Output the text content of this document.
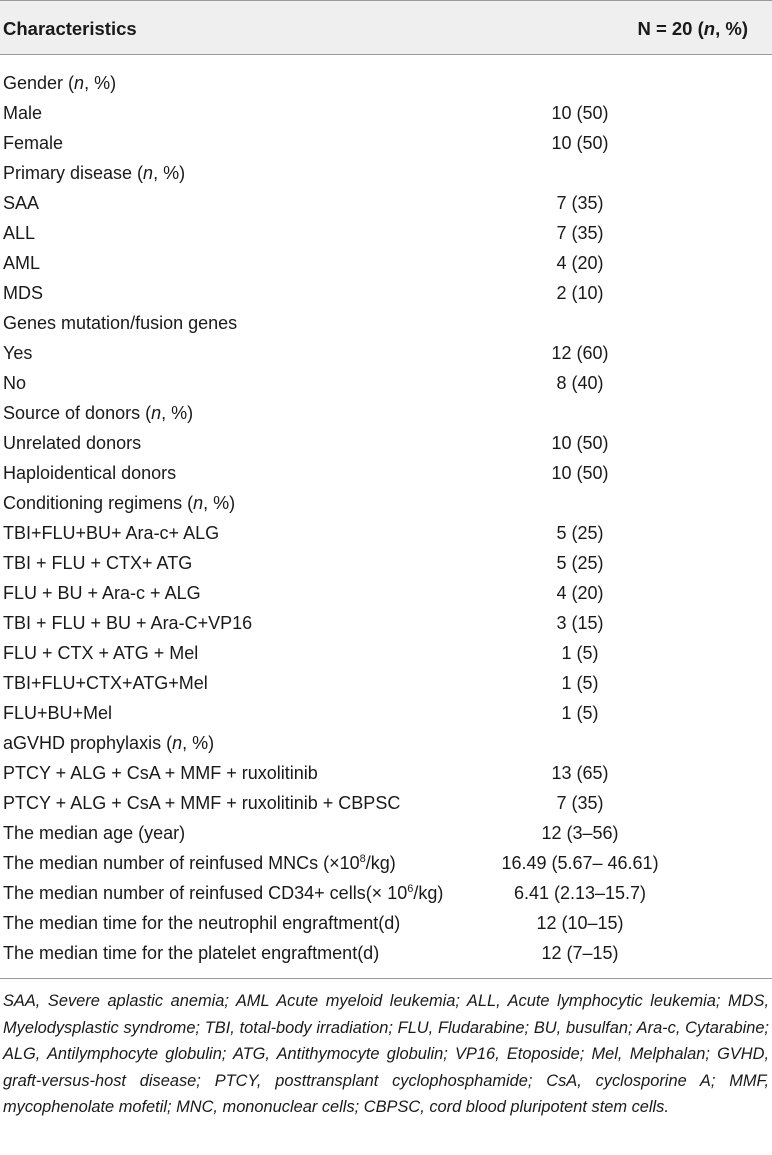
Characteristics	N = 20 (n, %)
Gender (n, %)
Male	10 (50)
Female	10 (50)
Primary disease (n, %)
SAA	7 (35)
ALL	7 (35)
AML	4 (20)
MDS	2 (10)
Genes mutation/fusion genes
Yes	12 (60)
No	8 (40)
Source of donors (n, %)
Unrelated donors	10 (50)
Haploidentical donors	10 (50)
Conditioning regimens (n, %)
TBI+FLU+BU+ Ara-c+ ALG	5 (25)
TBI + FLU + CTX+ ATG	5 (25)
FLU + BU + Ara-c + ALG	4 (20)
TBI + FLU + BU + Ara-C+VP16	3 (15)
FLU + CTX + ATG + Mel	1 (5)
TBI+FLU+CTX+ATG+Mel	1 (5)
FLU+BU+Mel	1 (5)
aGVHD prophylaxis (n, %)
PTCY + ALG + CsA + MMF + ruxolitinib	13 (65)
PTCY + ALG + CsA + MMF + ruxolitinib + CBPSC	7 (35)
The median age (year)	12 (3–56)
The median number of reinfused MNCs $(\times 10^8/kg)$	16.49 (5.67– 46.61)
The median number of reinfused CD34+ cells(× $10^6/kg$)	6.41 (2.13–15.7)
The median time for the neutrophil engraftment(d)	12 (10–15)
The median time for the platelet engraftment(d)	12 (7–15)
SAA, Severe aplastic anemia; AML Acute myeloid leukemia; ALL, Acute lymphocytic leukemia; MDS, Myelodysplastic syndrome; TBI, total-body irradiation; FLU, Fludarabine; BU, busulfan; Ara-c, Cytarabine; ALG, Antilymphocyte globulin; ATG, Antithymocyte globulin; VP16, Etoposide; Mel, Melphalan; GVHD, graft-versus-host disease; PTCY, posttransplant cyclophosphamide; CsA, cyclosporine A; MMF, mycophenolate mofetil; MNC, mononuclear cells; CBPSC, cord blood pluripotent stem cells.
